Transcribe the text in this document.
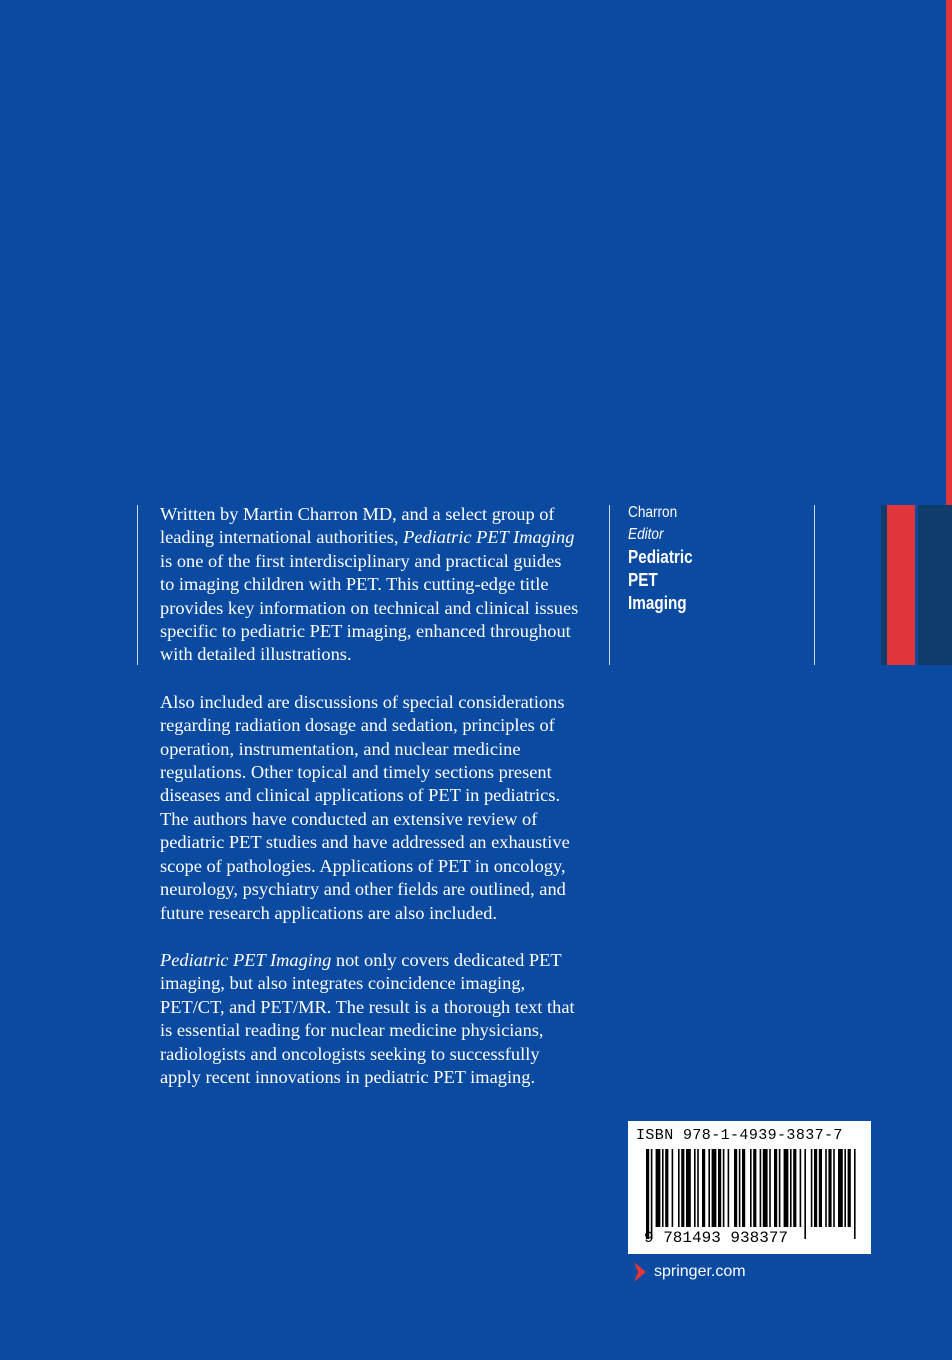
Written by Martin Charron MD, and a select group of leading international authorities, Pediatric PET Imaging is one of the first interdisciplinary and practical guides to imaging children with PET. This cutting-edge title provides key information on technical and clinical issues specific to pediatric PET imaging, enhanced throughout with detailed illustrations.

Also included are discussions of special considerations regarding radiation dosage and sedation, principles of operation, instrumentation, and nuclear medicine regulations. Other topical and timely sections present diseases and clinical applications of PET in pediatrics. The authors have conducted an extensive review of pediatric PET studies and have addressed an exhaustive scope of pathologies. Applications of PET in oncology, neurology, psychiatry and other fields are outlined, and future research applications are also included.

Pediatric PET Imaging not only covers dedicated PET imaging, but also integrates coincidence imaging, PET/CT, and PET/MR. The result is a thorough text that is essential reading for nuclear medicine physicians, radiologists and oncologists seeking to successfully apply recent innovations in pediatric PET imaging.

Charron
Editor
Pediatric
PET
Imaging
ISBN 978-1-4939-3837-7
9 781493 938377
springer.com
